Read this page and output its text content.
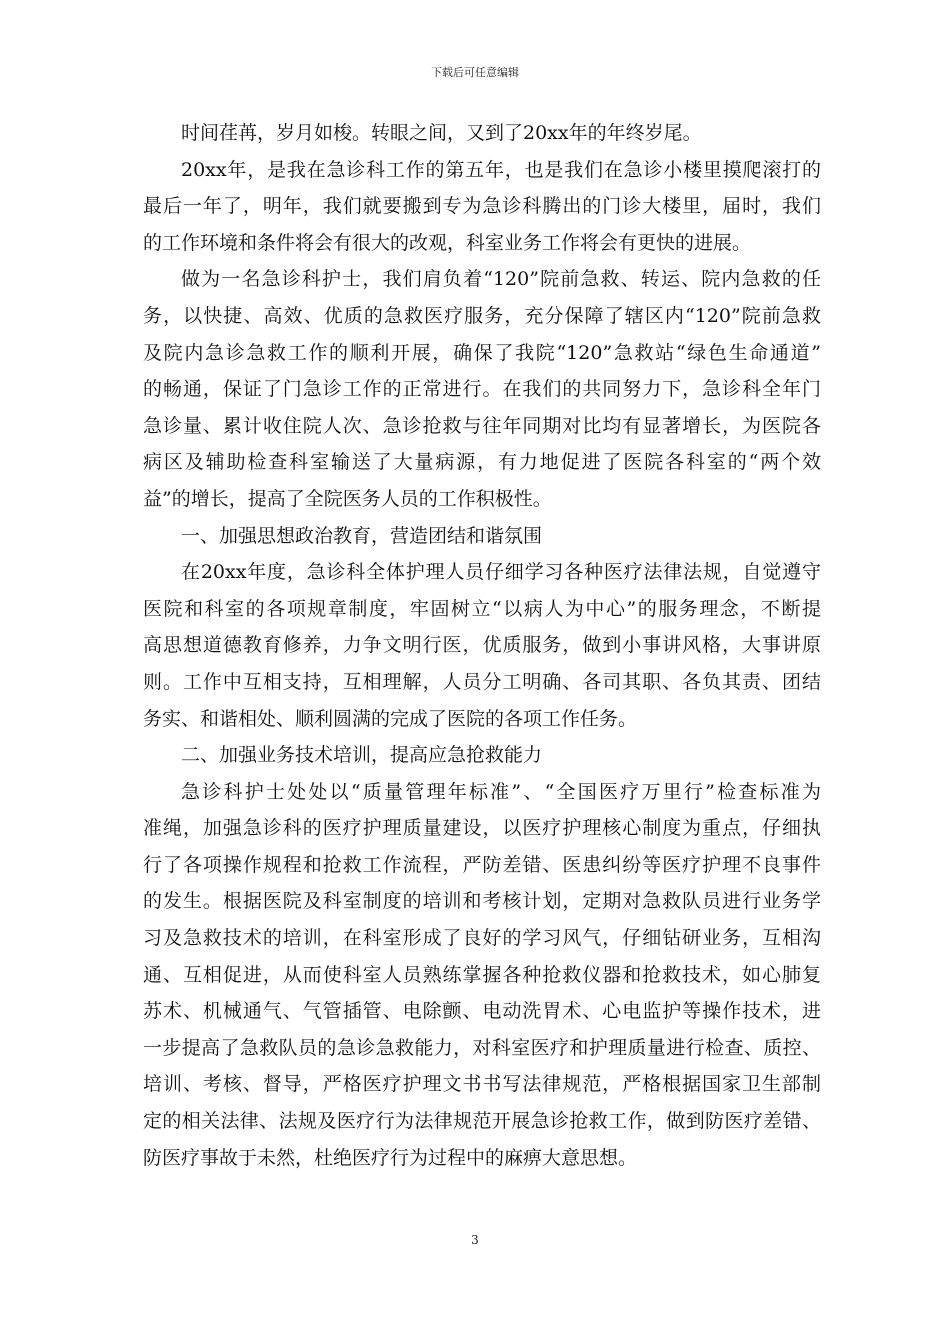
下载后可任意编辑
时间荏苒，岁月如梭。转眼之间，又到了20xx年的年终岁尾。
20xx年，是我在急诊科工作的第五年，也是我们在急诊小楼里摸爬滚打的
最后一年了，明年，我们就要搬到专为急诊科腾出的门诊大楼里，届时，我们
的工作环境和条件将会有很大的改观，科室业务工作将会有更快的进展。
做为一名急诊科护士，我们肩负着“120”院前急救、转运、院内急救的任
务，以快捷、高效、优质的急救医疗服务，充分保障了辖区内“120”院前急救
及院内急诊急救工作的顺利开展，确保了我院“120”急救站“绿色生命通道”
的畅通，保证了门急诊工作的正常进行。在我们的共同努力下，急诊科全年门
急诊量、累计收住院人次、急诊抢救与往年同期对比均有显著增长，为医院各
病区及辅助检查科室输送了大量病源，有力地促进了医院各科室的“两个效
益”的增长，提高了全院医务人员的工作积极性。
一、加强思想政治教育，营造团结和谐氛围
在20xx年度，急诊科全体护理人员仔细学习各种医疗法律法规，自觉遵守
医院和科室的各项规章制度，牢固树立“以病人为中心”的服务理念，不断提
高思想道德教育修养，力争文明行医，优质服务，做到小事讲风格，大事讲原
则。工作中互相支持，互相理解，人员分工明确、各司其职、各负其责、团结
务实、和谐相处、顺利圆满的完成了医院的各项工作任务。
二、加强业务技术培训，提高应急抢救能力
急诊科护士处处以“质量管理年标准”、“全国医疗万里行”检查标准为
准绳，加强急诊科的医疗护理质量建设，以医疗护理核心制度为重点，仔细执
行了各项操作规程和抢救工作流程，严防差错、医患纠纷等医疗护理不良事件
的发生。根据医院及科室制度的培训和考核计划，定期对急救队员进行业务学
习及急救技术的培训，在科室形成了良好的学习风气，仔细钻研业务，互相沟
通、互相促进，从而使科室人员熟练掌握各种抢救仪器和抢救技术，如心肺复
苏术、机械通气、气管插管、电除颤、电动洗胃术、心电监护等操作技术，进
一步提高了急救队员的急诊急救能力，对科室医疗和护理质量进行检查、质控、
培训、考核、督导，严格医疗护理文书书写法律规范，严格根据国家卫生部制
定的相关法律、法规及医疗行为法律规范开展急诊抢救工作，做到防医疗差错、
防医疗事故于未然，杜绝医疗行为过程中的麻痹大意思想。
3
